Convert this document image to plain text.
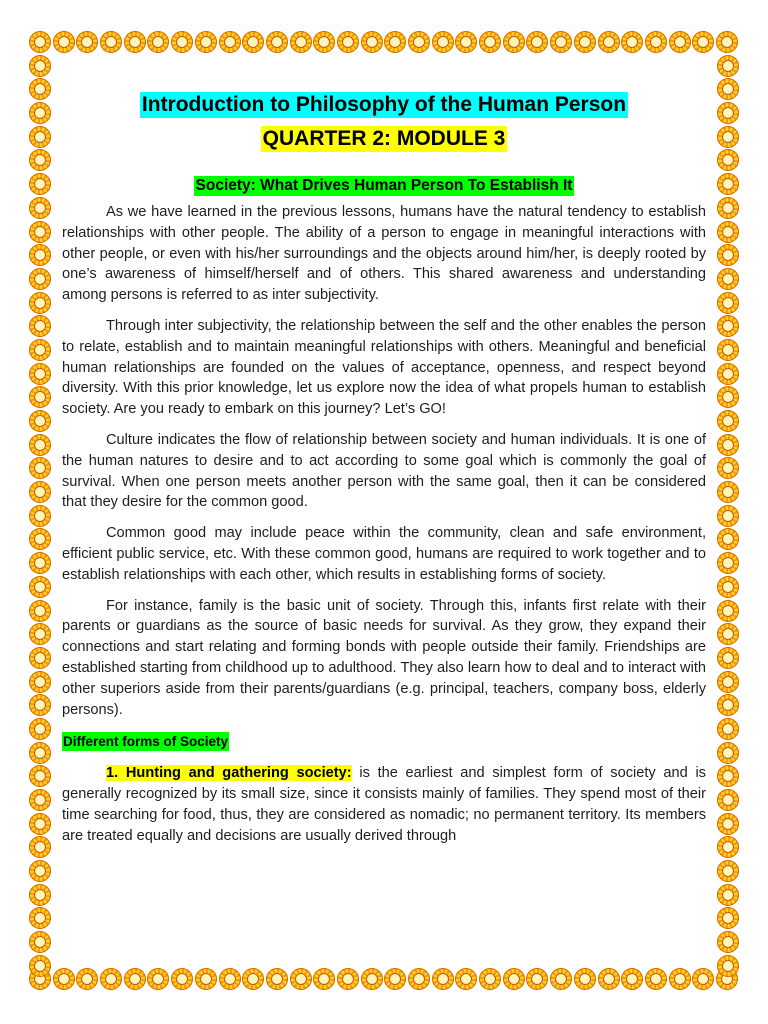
Introduction to Philosophy of the Human Person
QUARTER 2: MODULE 3
Society: What Drives Human Person To Establish It

As we have learned in the previous lessons, humans have the natural tendency to establish relationships with other people. The ability of a person to engage in meaningful interactions with other people, or even with his/her surroundings and the objects around him/her, is deeply rooted by one’s awareness of himself/herself and of others. This shared awareness and understanding among persons is referred to as inter subjectivity.

Through inter subjectivity, the relationship between the self and the other enables the person to relate, establish and to maintain meaningful relationships with others. Meaningful and beneficial human relationships are founded on the values of acceptance, openness, and respect beyond diversity. With this prior knowledge, let us explore now the idea of what propels human to establish society. Are you ready to embark on this journey? Let’s GO!

Culture indicates the flow of relationship between society and human individuals. It is one of the human natures to desire and to act according to some goal which is commonly the goal of survival. When one person meets another person with the same goal, then it can be considered that they desire for the common good.

Common good may include peace within the community, clean and safe environment, efficient public service, etc. With these common good, humans are required to work together and to establish relationships with each other, which results in establishing forms of society.

For instance, family is the basic unit of society. Through this, infants first relate with their parents or guardians as the source of basic needs for survival. As they grow, they expand their connections and start relating and forming bonds with people outside their family. Friendships are established starting from childhood up to adulthood. They also learn how to deal and to interact with other superiors aside from their parents/guardians (e.g. principal, teachers, company boss, elderly persons).

Different forms of Society

1. Hunting and gathering society: is the earliest and simplest form of society and is generally recognized by its small size, since it consists mainly of families. They spend most of their time searching for food, thus, they are considered as nomadic; no permanent territory. Its members are treated equally and decisions are usually derived through
